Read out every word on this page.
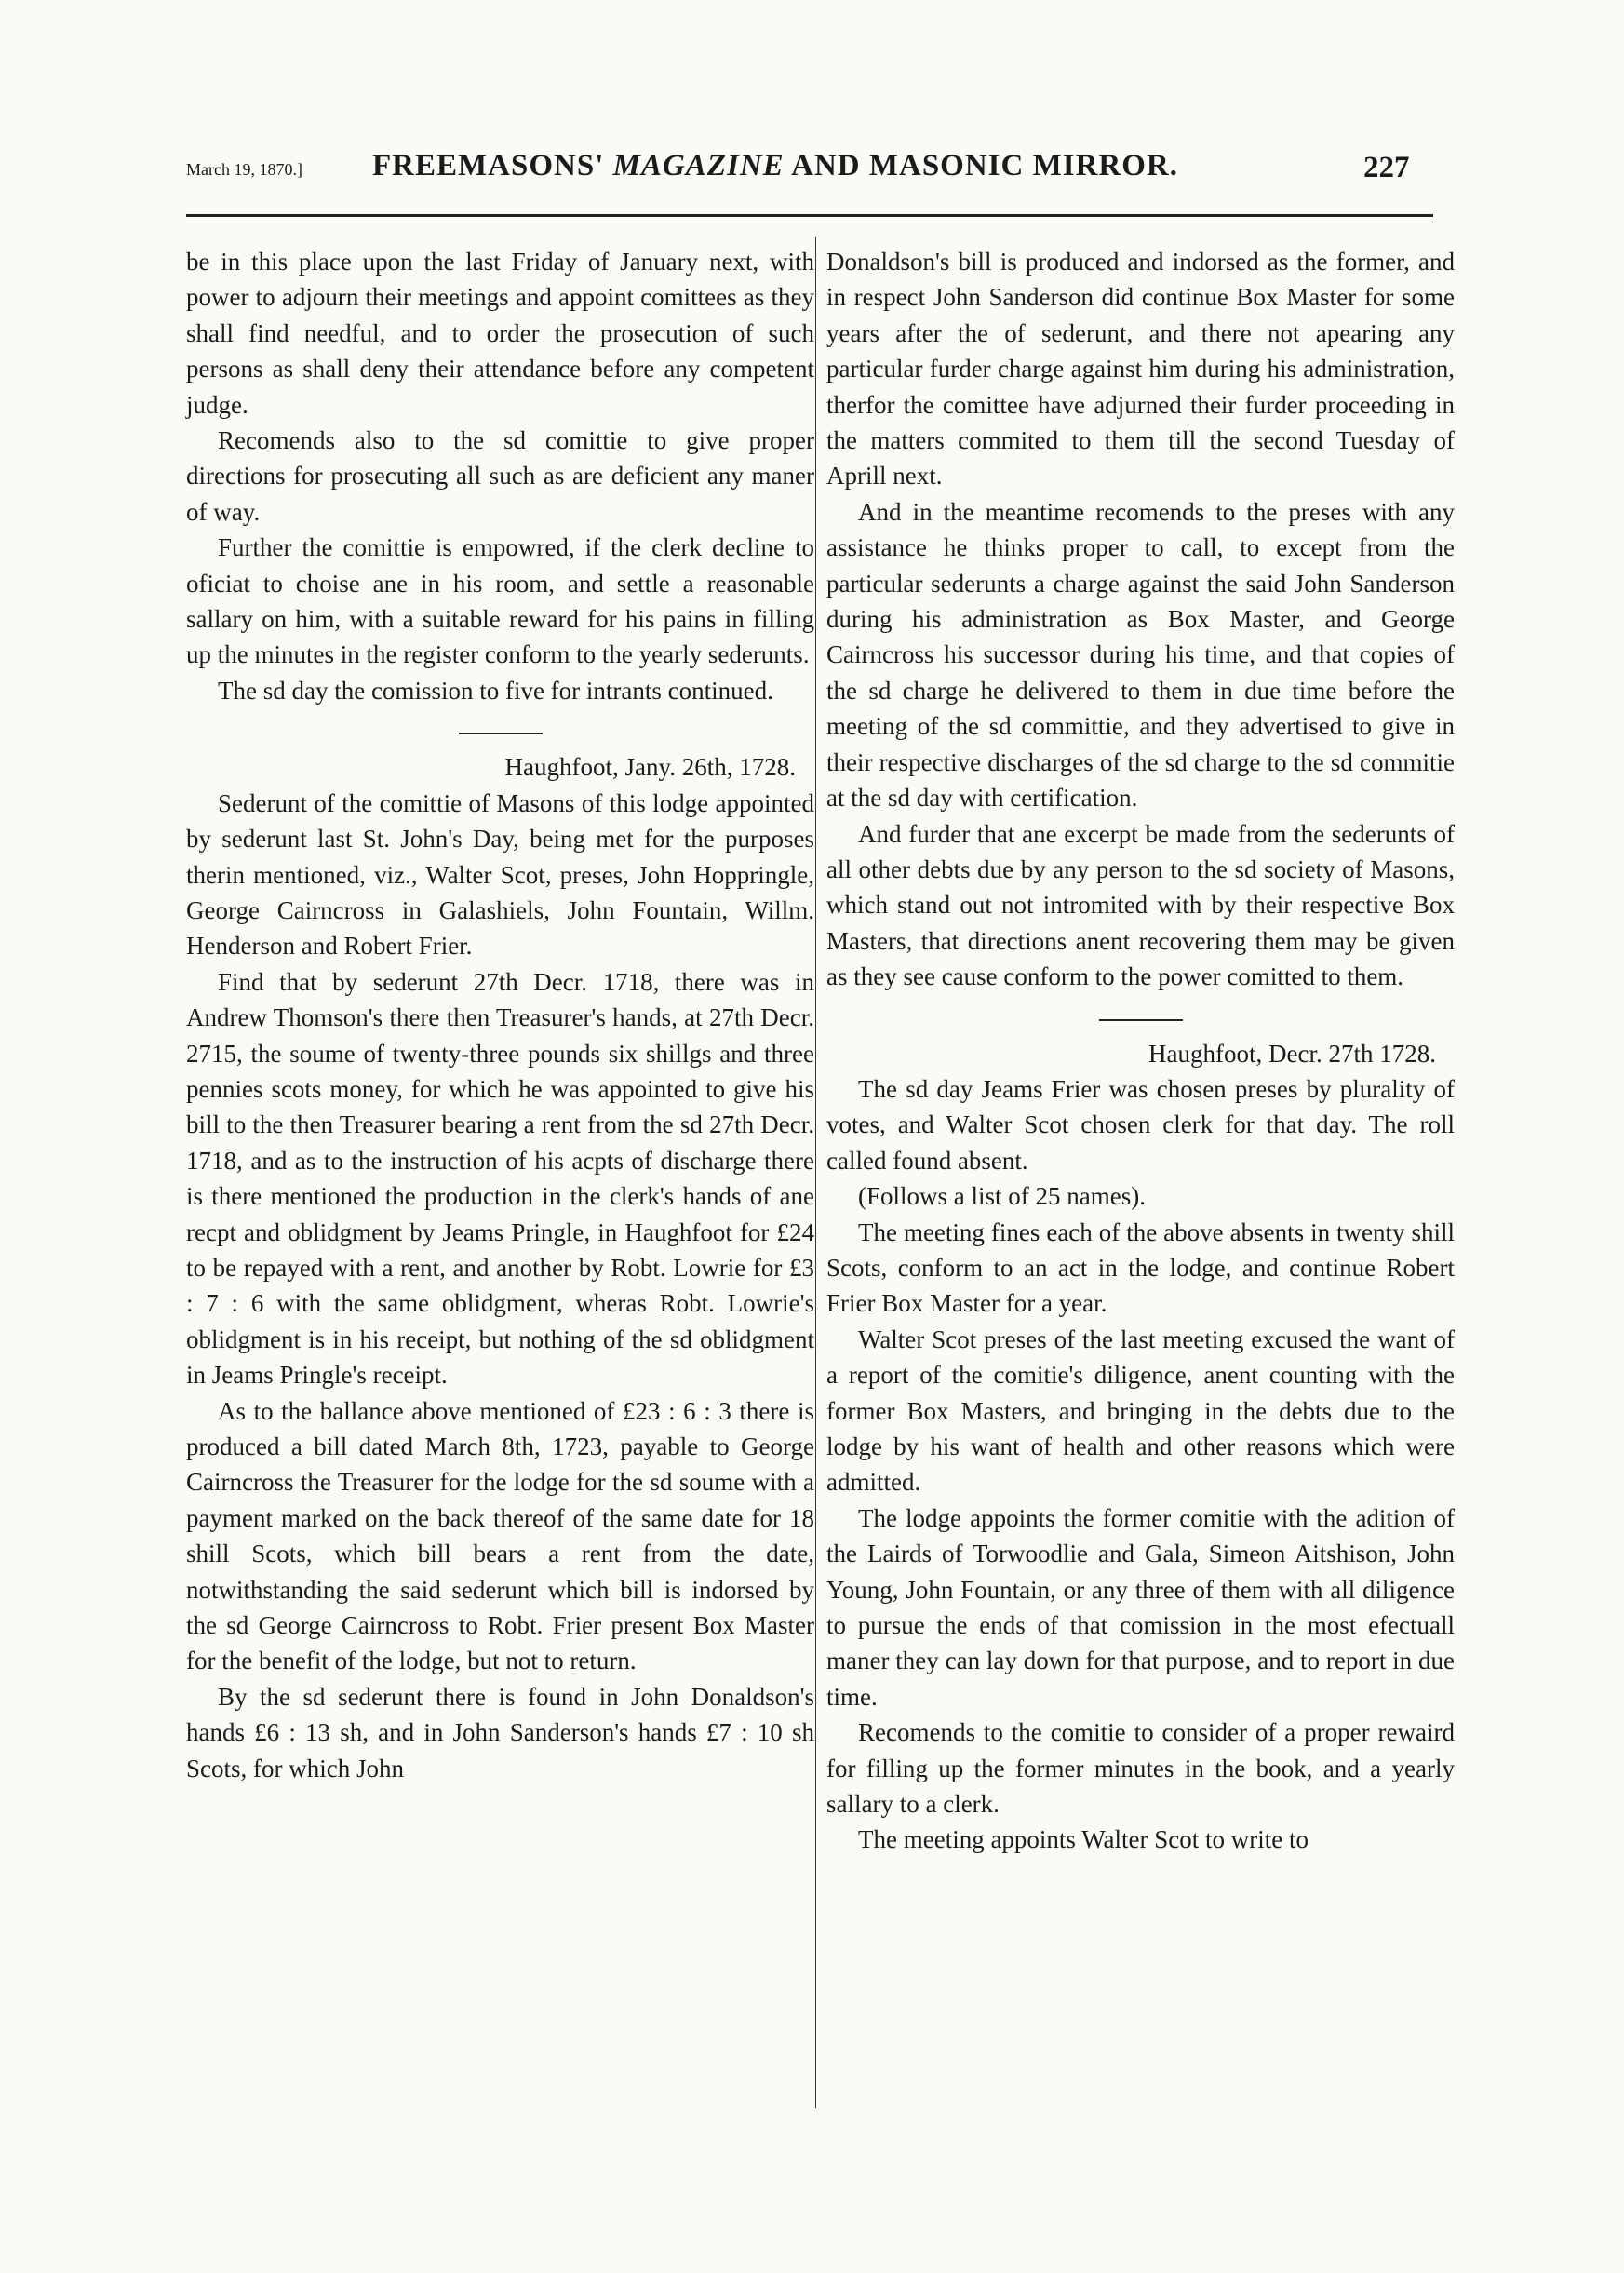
March 19, 1870.] FREEMASONS' MAGAZINE AND MASONIC MIRROR.	227

be in this place upon the last Friday of January next, with power to adjourn their meetings and appoint comittees as they shall find needful, and to order the prosecution of such persons as shall deny their attendance before any competent judge.

Recomends also to the sd comittie to give proper directions for prosecuting all such as are deficient any maner of way.

Further the comittie is empowred, if the clerk decline to oficiat to choise ane in his room, and settle a reasonable sallary on him, with a suitable reward for his pains in filling up the minutes in the register conform to the yearly sederunts.

The sd day the comission to five for intrants continued.

Haughfoot, Jany. 26th, 1728.

Sederunt of the comittie of Masons of this lodge appointed by sederunt last St. John's Day, being met for the purposes therin mentioned, viz., Walter Scot, preses, John Hoppringle, George Cairncross in Galashiels, John Fountain, Willm. Henderson and Robert Frier.

Find that by sederunt 27th Decr. 1718, there was in Andrew Thomson's there then Treasurer's hands, at 27th Decr. 2715, the soume of twenty-three pounds six shillgs and three pennies scots money, for which he was appointed to give his bill to the then Treasurer bearing a rent from the sd 27th Decr. 1718, and as to the instruction of his acpts of discharge there is there mentioned the production in the clerk's hands of ane recpt and oblidgment by Jeams Pringle, in Haughfoot for £24 to be repayed with a rent, and another by Robt. Lowrie for £3 : 7 : 6 with the same oblidgment, wheras Robt. Lowrie's oblidgment is in his receipt, but nothing of the sd oblidgment in Jeams Pringle's receipt.

As to the ballance above mentioned of £23 : 6 : 3 there is produced a bill dated March 8th, 1723, payable to George Cairncross the Treasurer for the lodge for the sd soume with a payment marked on the back thereof of the same date for 18 shill Scots, which bill bears a rent from the date, notwithstanding the said sederunt which bill is indorsed by the sd George Cairncross to Robt. Frier present Box Master for the benefit of the lodge, but not to return.

By the sd sederunt there is found in John Donaldson's hands £6 : 13 sh, and in John Sanderson's hands £7 : 10 sh Scots, for which John

Donaldson's bill is produced and indorsed as the former, and in respect John Sanderson did continue Box Master for some years after the of sederunt, and there not apearing any particular furder charge against him during his administration, therfor the comittee have adjurned their furder proceeding in the matters commited to them till the second Tuesday of Aprill next.

And in the meantime recomends to the preses with any assistance he thinks proper to call, to except from the particular sederunts a charge against the said John Sanderson during his administration as Box Master, and George Cairncross his successor during his time, and that copies of the sd charge he delivered to them in due time before the meeting of the sd committie, and they advertised to give in their respective discharges of the sd charge to the sd commitie at the sd day with certification.

And furder that ane excerpt be made from the sederunts of all other debts due by any person to the sd society of Masons, which stand out not intromited with by their respective Box Masters, that directions anent recovering them may be given as they see cause conform to the power comitted to them.

Haughfoot, Decr. 27th 1728.

The sd day Jeams Frier was chosen preses by plurality of votes, and Walter Scot chosen clerk for that day. The roll called found absent.

(Follows a list of 25 names).

The meeting fines each of the above absents in twenty shill Scots, conform to an act in the lodge, and continue Robert Frier Box Master for a year.

Walter Scot preses of the last meeting excused the want of a report of the comitie's diligence, anent counting with the former Box Masters, and bringing in the debts due to the lodge by his want of health and other reasons which were admitted.

The lodge appoints the former comitie with the adition of the Lairds of Torwoodlie and Gala, Simeon Aitshison, John Young, John Fountain, or any three of them with all diligence to pursue the ends of that comission in the most efectuall maner they can lay down for that purpose, and to report in due time.

Recomends to the comitie to consider of a proper rewaird for filling up the former minutes in the book, and a yearly sallary to a clerk.

The meeting appoints Walter Scot to write to
